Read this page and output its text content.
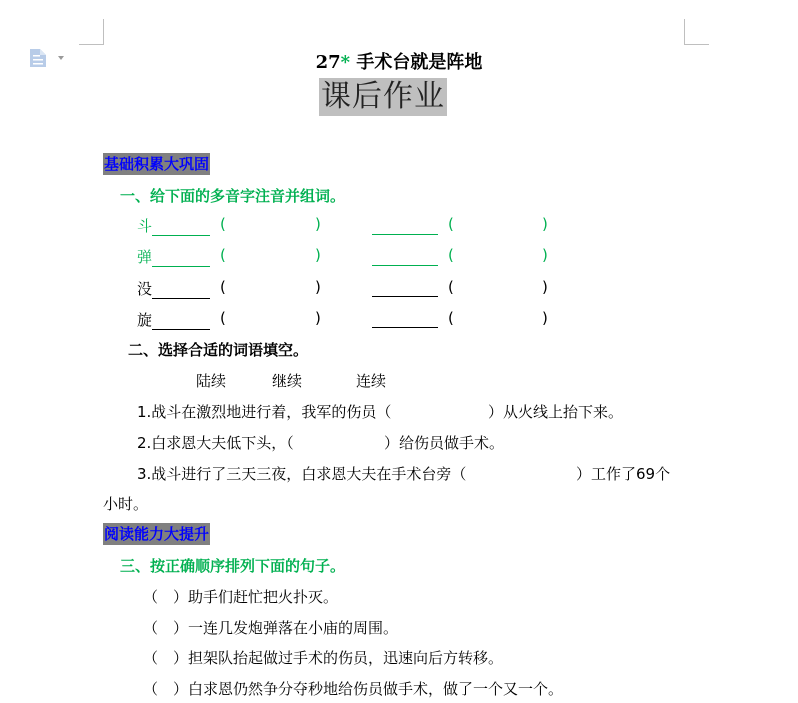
27* 手术台就是阵地
课后作业
基础积累大巩固
一、给下面的多音字注音并组词。
斗	(	)	(	)
弹	(	)	(	)
没	(	)	(	)
旋	(	)	(	)
二、选择合适的词语填空。
陆续	继续	连续
1.战斗在激烈地进行着，我军的伤员（	）从火线上抬下来。
2.白求恩大夫低下头，（	）给伤员做手术。
3.战斗进行了三天三夜，白求恩大夫在手术台旁（	）工作了69个
小时。
阅读能力大提升
三、按正确顺序排列下面的句子。
（　）助手们赶忙把火扑灭。
（　）一连几发炮弹落在小庙的周围。
（　）担架队抬起做过手术的伤员，迅速向后方转移。
（　）白求恩仍然争分夺秒地给伤员做手术，做了一个又一个。
